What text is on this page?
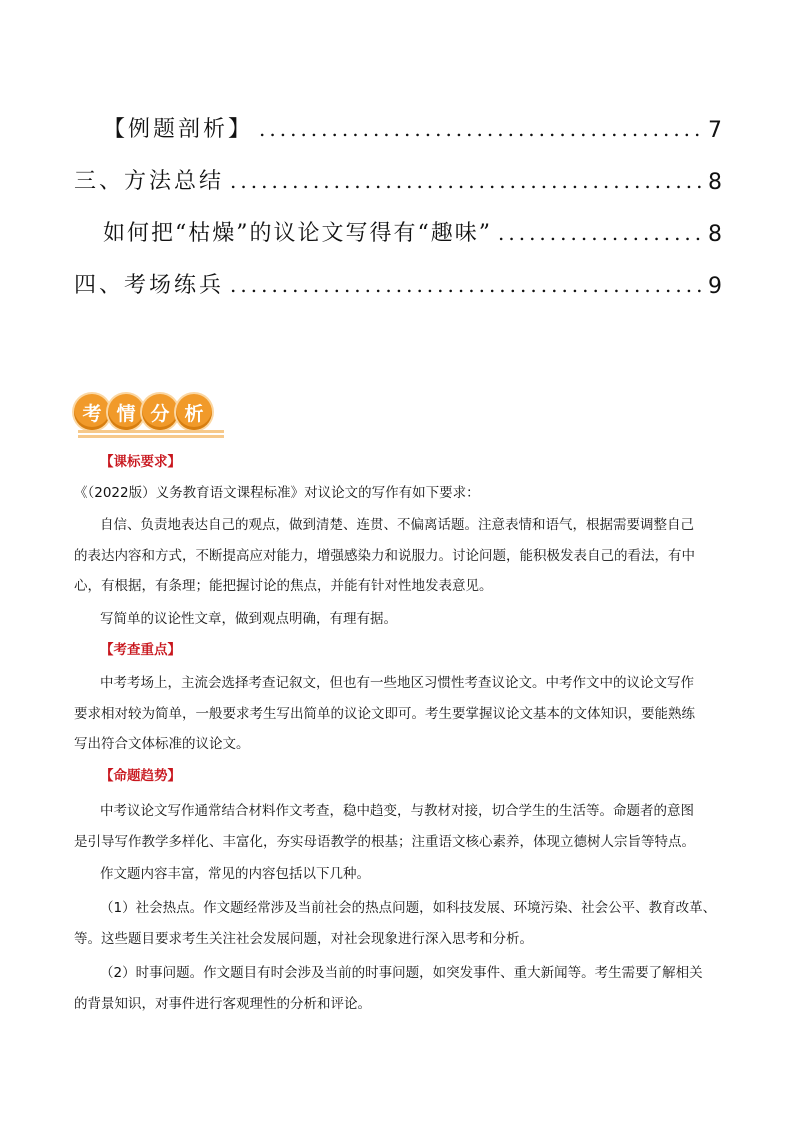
【例题剖析】 .....	7
三、方法总结 .....	8
如何把“枯燥”的议论文写得有“趣味” .....	8
四、考场练兵 .....	9
考 情 分 析
【课标要求】

《（2022版）义务教育语文课程标准》对议论文的写作有如下要求：

自信、负责地表达自己的观点，做到清楚、连贯、不偏离话题。注意表情和语气，根据需要调整自己
的表达内容和方式，不断提高应对能力，增强感染力和说服力。讨论问题，能积极发表自己的看法，有中
心，有根据，有条理；能把握讨论的焦点，并能有针对性地发表意见。

写简单的议论性文章，做到观点明确，有理有据。

【考查重点】

中考考场上，主流会选择考查记叙文，但也有一些地区习惯性考查议论文。中考作文中的议论文写作
要求相对较为简单，一般要求考生写出简单的议论文即可。考生要掌握议论文基本的文体知识，要能熟练
写出符合文体标准的议论文。

【命题趋势】

中考议论文写作通常结合材料作文考查，稳中趋变，与教材对接，切合学生的生活等。命题者的意图
是引导写作教学多样化、丰富化，夯实母语教学的根基；注重语文核心素养，体现立德树人宗旨等特点。

作文题内容丰富，常见的内容包括以下几种。

（1）社会热点。作文题经常涉及当前社会的热点问题，如科技发展、环境污染、社会公平、教育改革、
等。这些题目要求考生关注社会发展问题，对社会现象进行深入思考和分析。

（2）时事问题。作文题目有时会涉及当前的时事问题，如突发事件、重大新闻等。考生需要了解相关
的背景知识，对事件进行客观理性的分析和评论。
